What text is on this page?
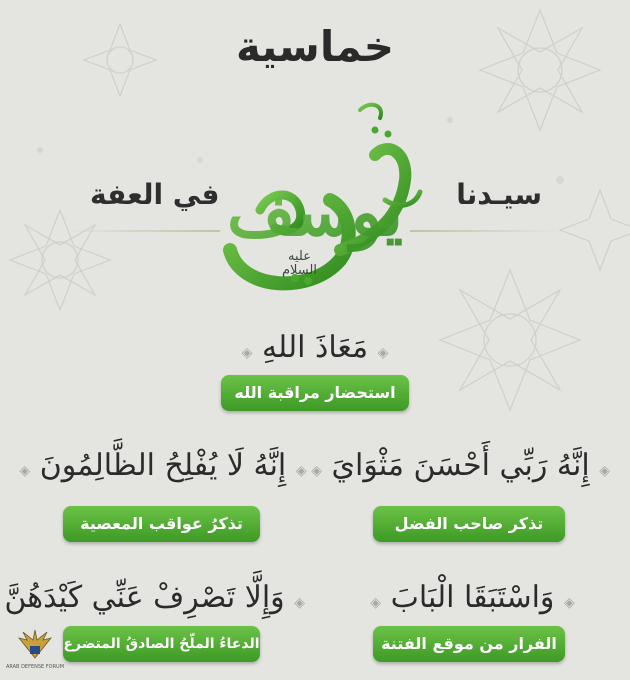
خماسية
سيـدنا
في العفة يوسف
عليه
السلام
◈ مَعَاذَ اللهِ ◈
استحضار مراقبة الله
◈ إِنَّهُ رَبِّي أَحْسَنَ مَثْوَايَ ◈
تذكر صاحب الفضل
◈ إِنَّهُ لَا يُفْلِحُ الظَّالِمُونَ ◈
تذكرُ عواقب المعصية
◈ وَاسْتَبَقَا الْبَابَ ◈
الفرار من موقع الفتنة
◈ وَإِلَّا تَصْرِفْ عَنِّي كَيْدَهُنَّ
الدعاءُ الملّحُ الصادقُ المتضرع
ARAB DEFENSE FORUM
